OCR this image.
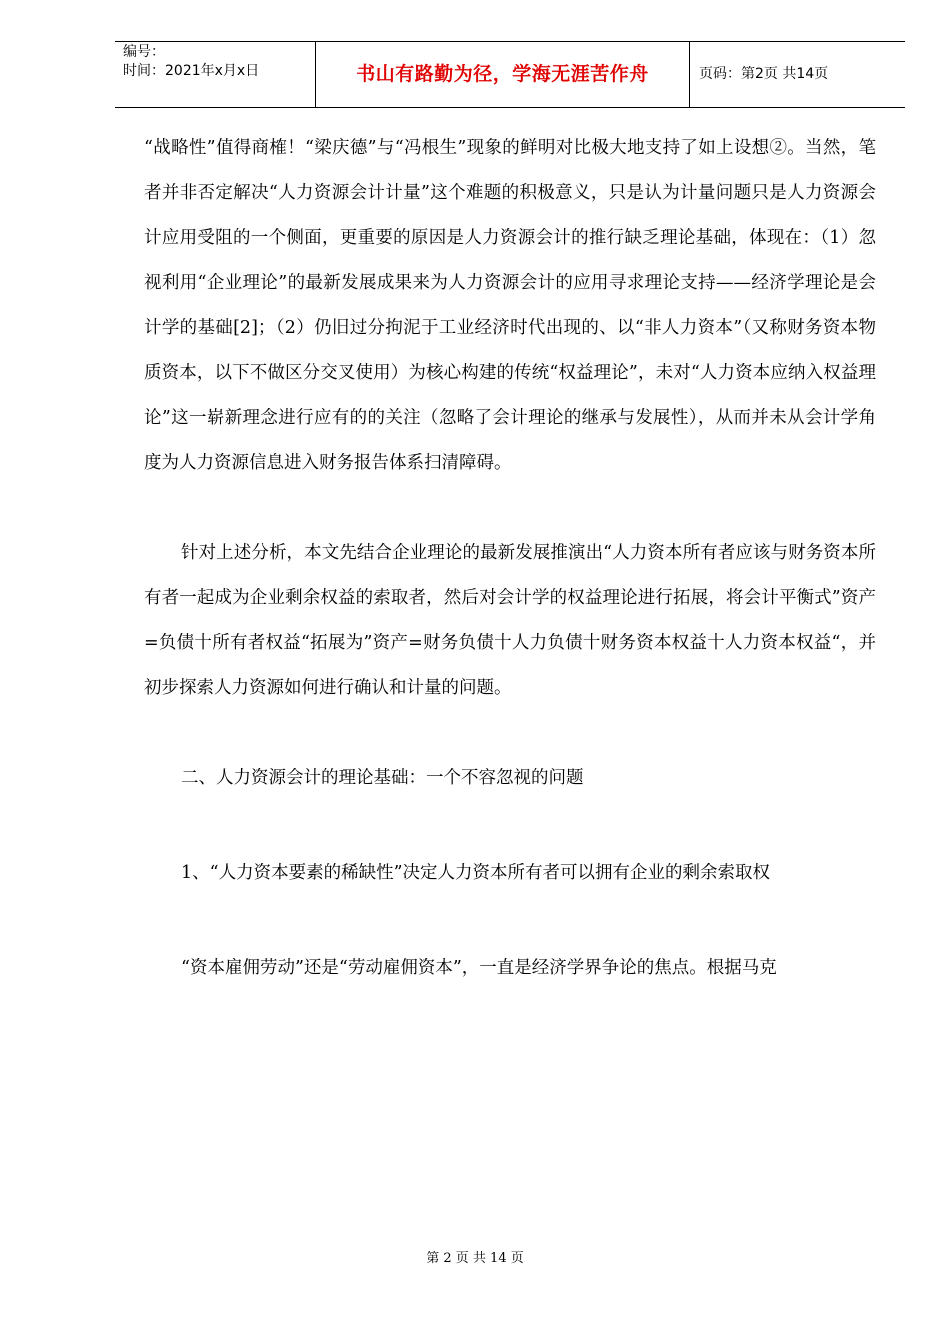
编号：
时间：2021年x月x日	书山有路勤为径，学海无涯苦作舟	页码：第2页 共14页

“战略性”值得商榷！“梁庆德”与“冯根生”现象的鲜明对比极大地支持了如上设想②。当然，笔者并非否定解决“人力资源会计计量”这个难题的积极意义，只是认为计量问题只是人力资源会计应用受阻的一个侧面，更重要的原因是人力资源会计的推行缺乏理论基础，体现在：（1）忽视利用“企业理论”的最新发展成果来为人力资源会计的应用寻求理论支持——经济学理论是会计学的基础[2]；（2）仍旧过分拘泥于工业经济时代出现的、以“非人力资本”（又称财务资本物质资本，以下不做区分交叉使用）为核心构建的传统“权益理论”，未对“人力资本应纳入权益理论”这一崭新理念进行应有的的关注（忽略了会计理论的继承与发展性），从而并未从会计学角度为人力资源信息进入财务报告体系扫清障碍。

针对上述分析，本文先结合企业理论的最新发展推演出“人力资本所有者应该与财务资本所有者一起成为企业剩余权益的索取者，然后对会计学的权益理论进行拓展，将会计平衡式”资产=负债十所有者权益“拓展为”资产=财务负债十人力负债十财务资本权益十人力资本权益“，并初步探索人力资源如何进行确认和计量的问题。

二、人力资源会计的理论基础：一个不容忽视的问题

1、“人力资本要素的稀缺性”决定人力资本所有者可以拥有企业的剩余索取权

“资本雇佣劳动”还是“劳动雇佣资本”，一直是经济学界争论的焦点。根据马克

第 2 页 共 14 页
